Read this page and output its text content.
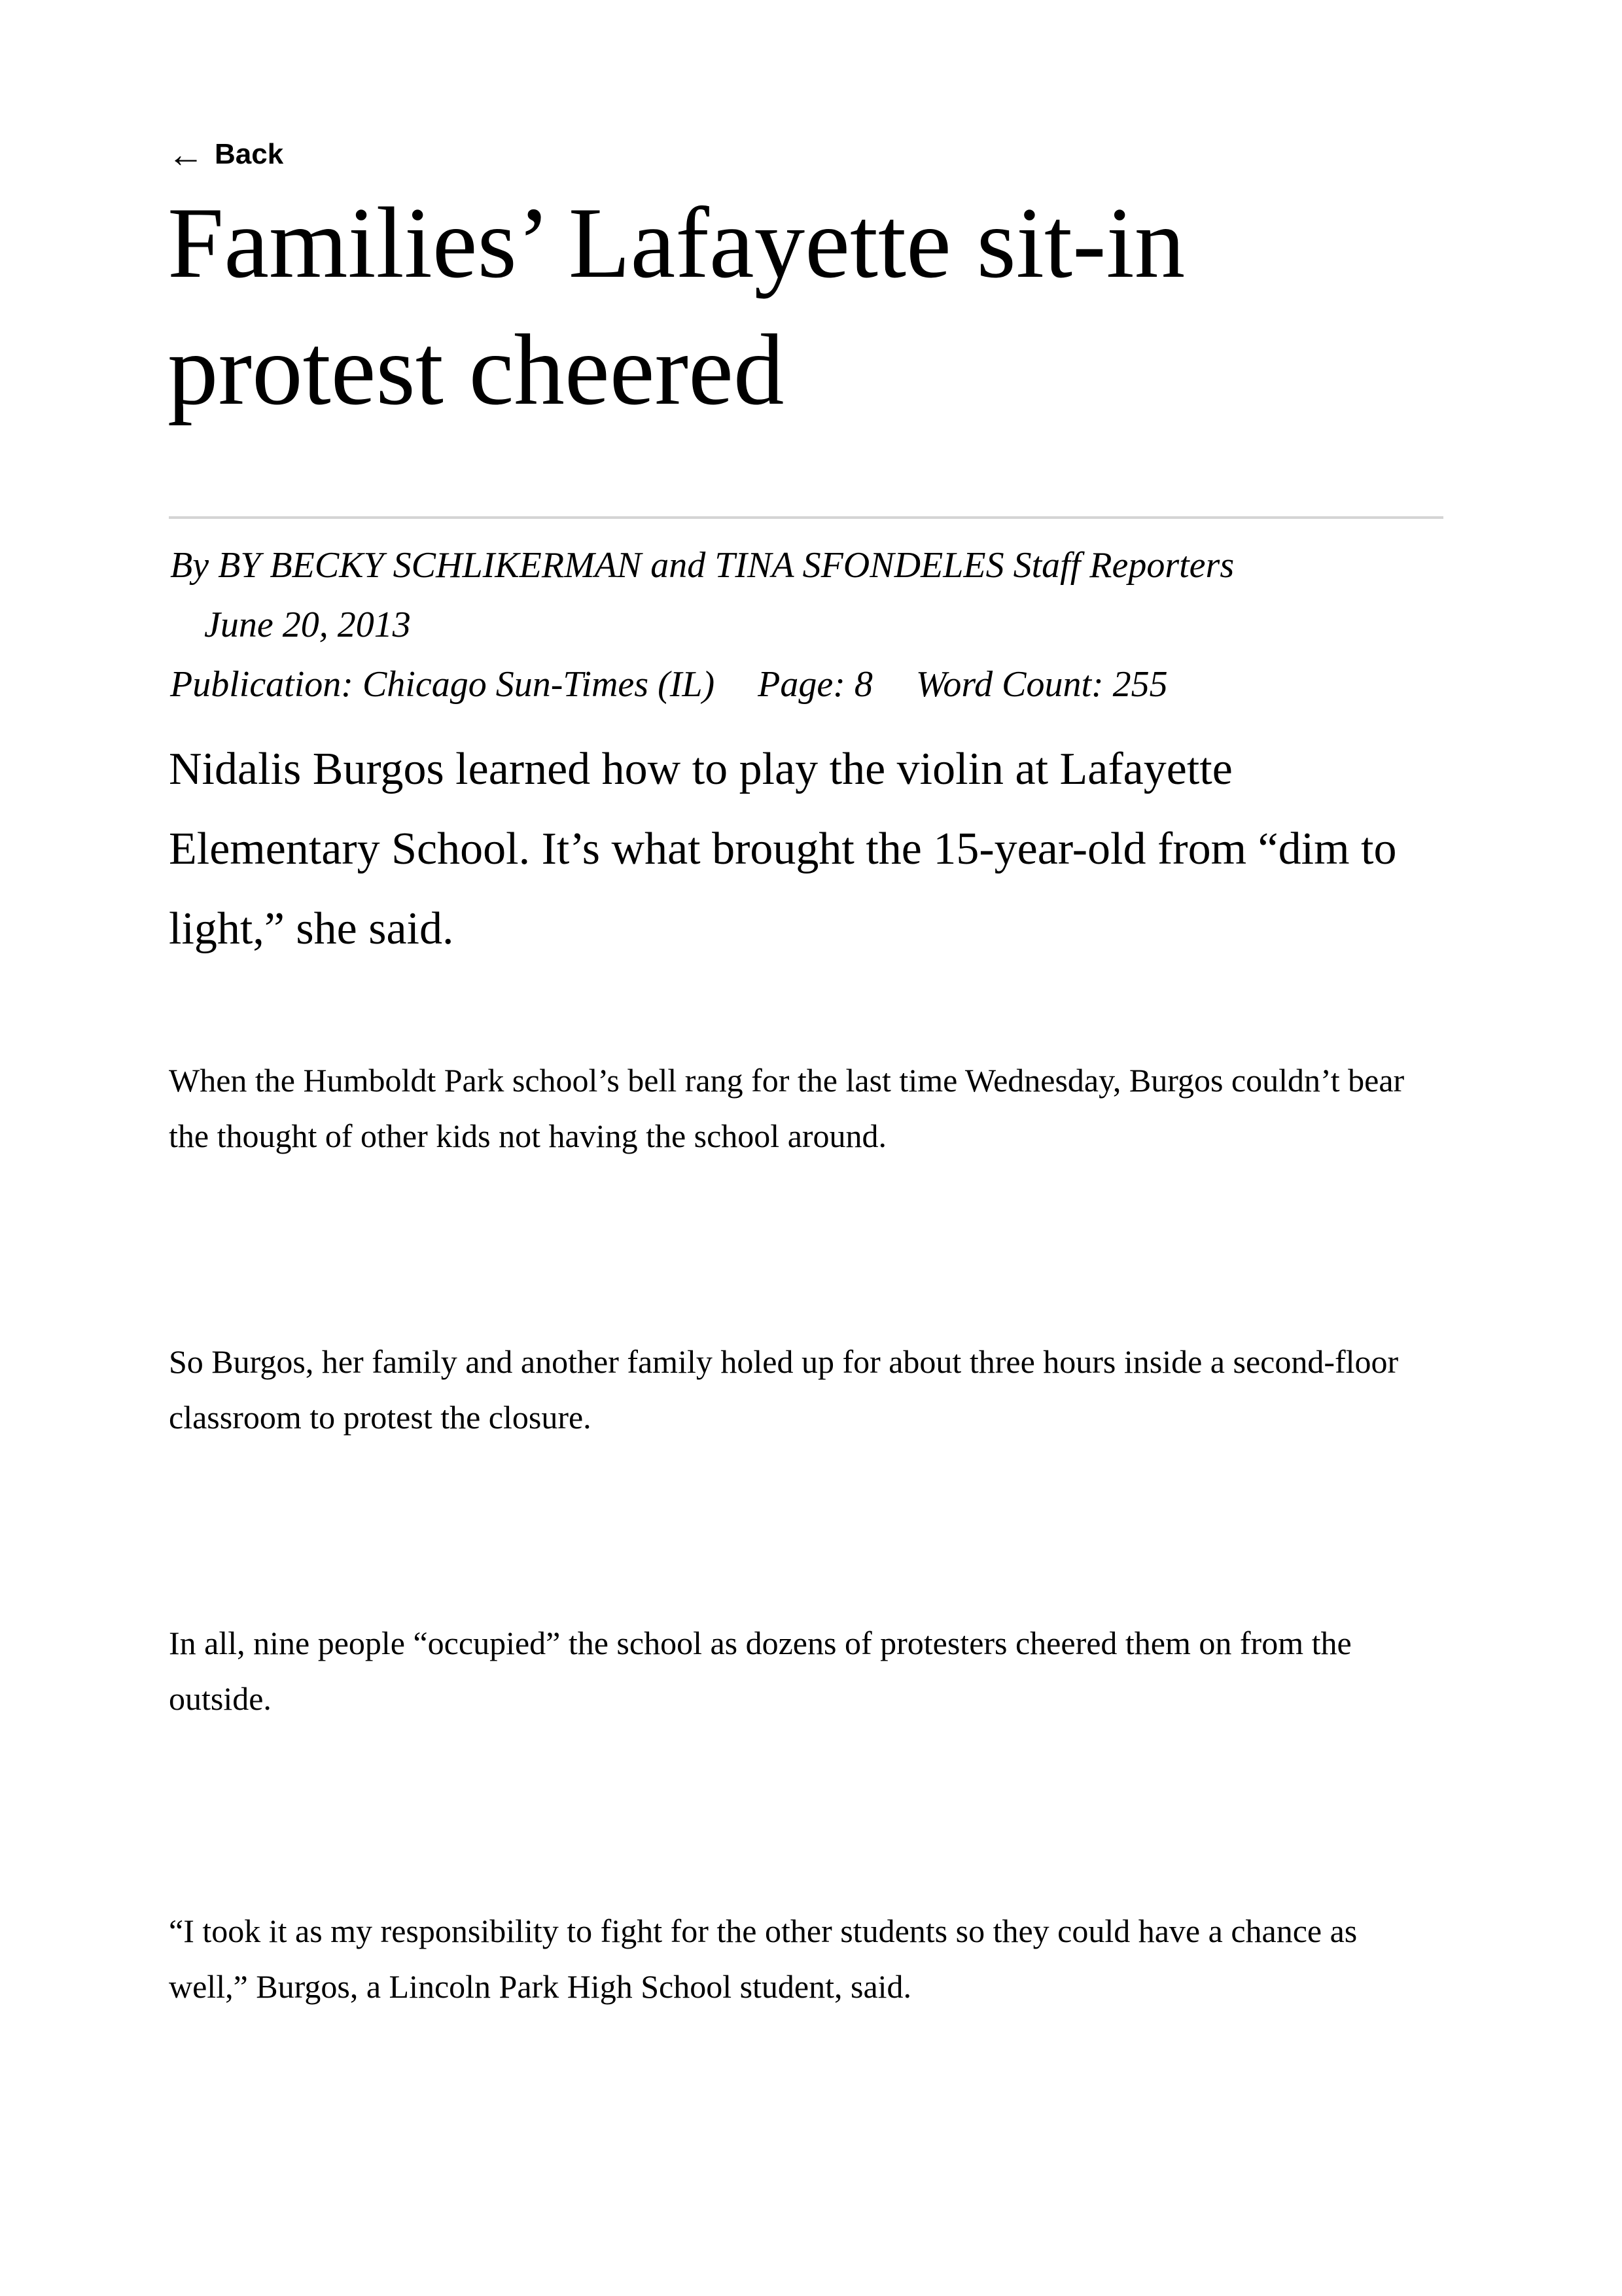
← Back
Families’ Lafayette sit-in protest cheered
By BY BECKY SCHLIKERMAN and TINA SFONDELES Staff Reporters June 20, 2013
Publication: Chicago Sun-Times (IL) Page: 8 Word Count: 255

Nidalis Burgos learned how to play the violin at Lafayette Elementary School. It’s what brought the 15-year-old from “dim to light,” she said.

When the Humboldt Park school’s bell rang for the last time Wednesday, Burgos couldn’t bear the thought of other kids not having the school around.

So Burgos, her family and another family holed up for about three hours inside a second-floor classroom to protest the closure.

In all, nine people “occupied” the school as dozens of protesters cheered them on from the outside.

“I took it as my responsibility to fight for the other students so they could have a chance as well,” Burgos, a Lincoln Park High School student, said.
